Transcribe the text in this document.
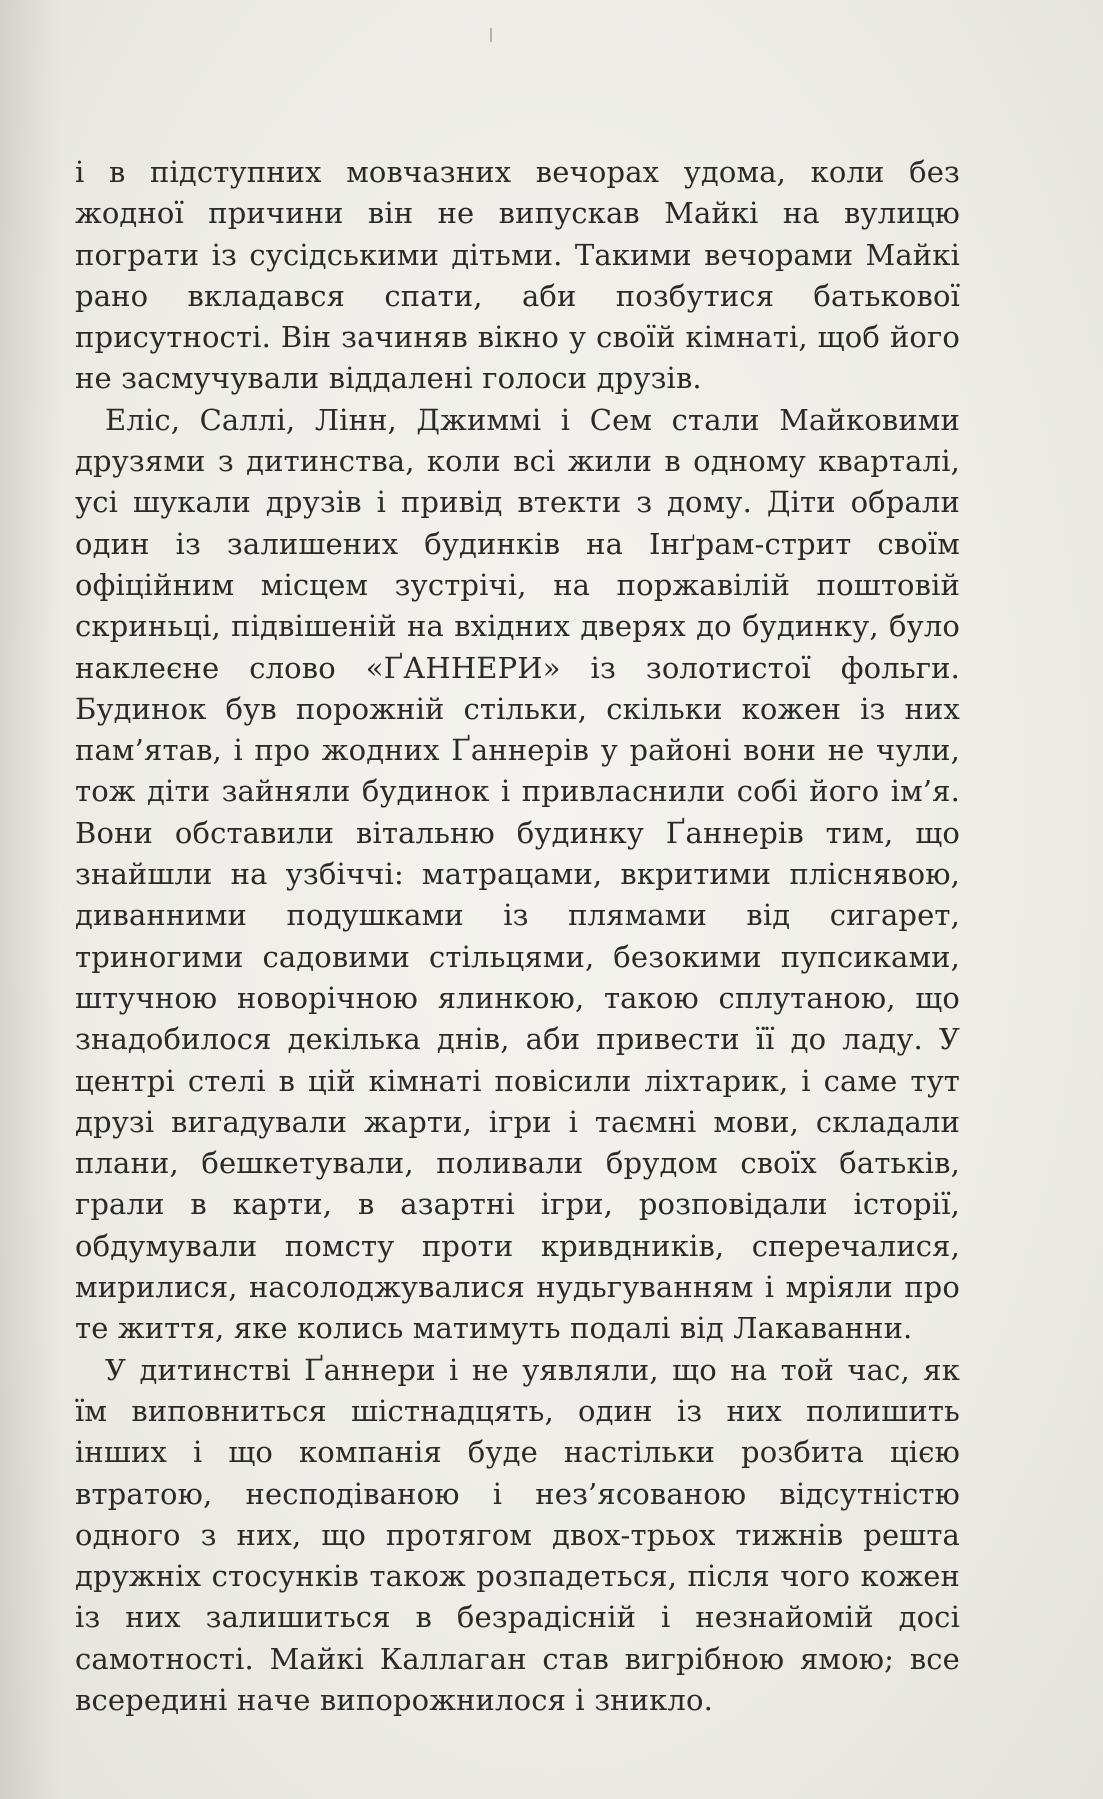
і в підступних мовчазних вечорах удома, коли без жодної причини він не випускав Майкі на вулицю пограти із сусідськими дітьми. Такими вечорами Майкі рано вкладався спати, аби позбутися батькової присутності. Він зачиняв вікно у своїй кімнаті, щоб його не засмучували віддалені голоси друзів.

Еліс, Саллі, Лінн, Джиммі і Сем стали Майковими друзями з дитинства, коли всі жили в одному кварталі, усі шукали друзів і привід втекти з дому. Діти обрали один із залишених будинків на Інґрам-стрит своїм офіційним місцем зустрічі, на поржавілій поштовій скриньці, підвішеній на вхідних дверях до будинку, було наклеєне слово «ҐАННЕРИ» із золотистої фольги. Будинок був порожній стільки, скільки кожен із них пам’ятав, і про жодних Ґаннерів у районі вони не чули, тож діти зайняли будинок і привласнили собі його ім’я. Вони обставили вітальню будинку Ґаннерів тим, що знайшли на узбіччі: матрацами, вкритими пліснявою, диванними подушками із плямами від сигарет, триногими садовими стільцями, безокими пупсиками, штучною новорічною ялинкою, такою сплутаною, що знадобилося декілька днів, аби привести її до ладу. У центрі стелі в цій кімнаті повісили ліхтарик, і саме тут друзі вигадували жарти, ігри і таємні мови, складали плани, бешкетували, поливали брудом своїх батьків, грали в карти, в азартні ігри, розповідали історії, обдумували помсту проти кривдників, сперечалися, мирилися, насолоджувалися нудьгуванням і мріяли про те життя, яке колись матимуть подалі від Лакаванни.

У дитинстві Ґаннери і не уявляли, що на той час, як їм виповниться шістнадцять, один із них полишить інших і що компанія буде настільки розбита цією втратою, несподіваною і нез’ясованою відсутністю одного з них, що протягом двох-трьох тижнів решта дружніх стосунків також розпадеться, після чого кожен із них залишиться в безрадісній і незнайомій досі самотності. Майкі Каллаган став вигрібною ямою; все всередині наче випорожнилося і зникло.
